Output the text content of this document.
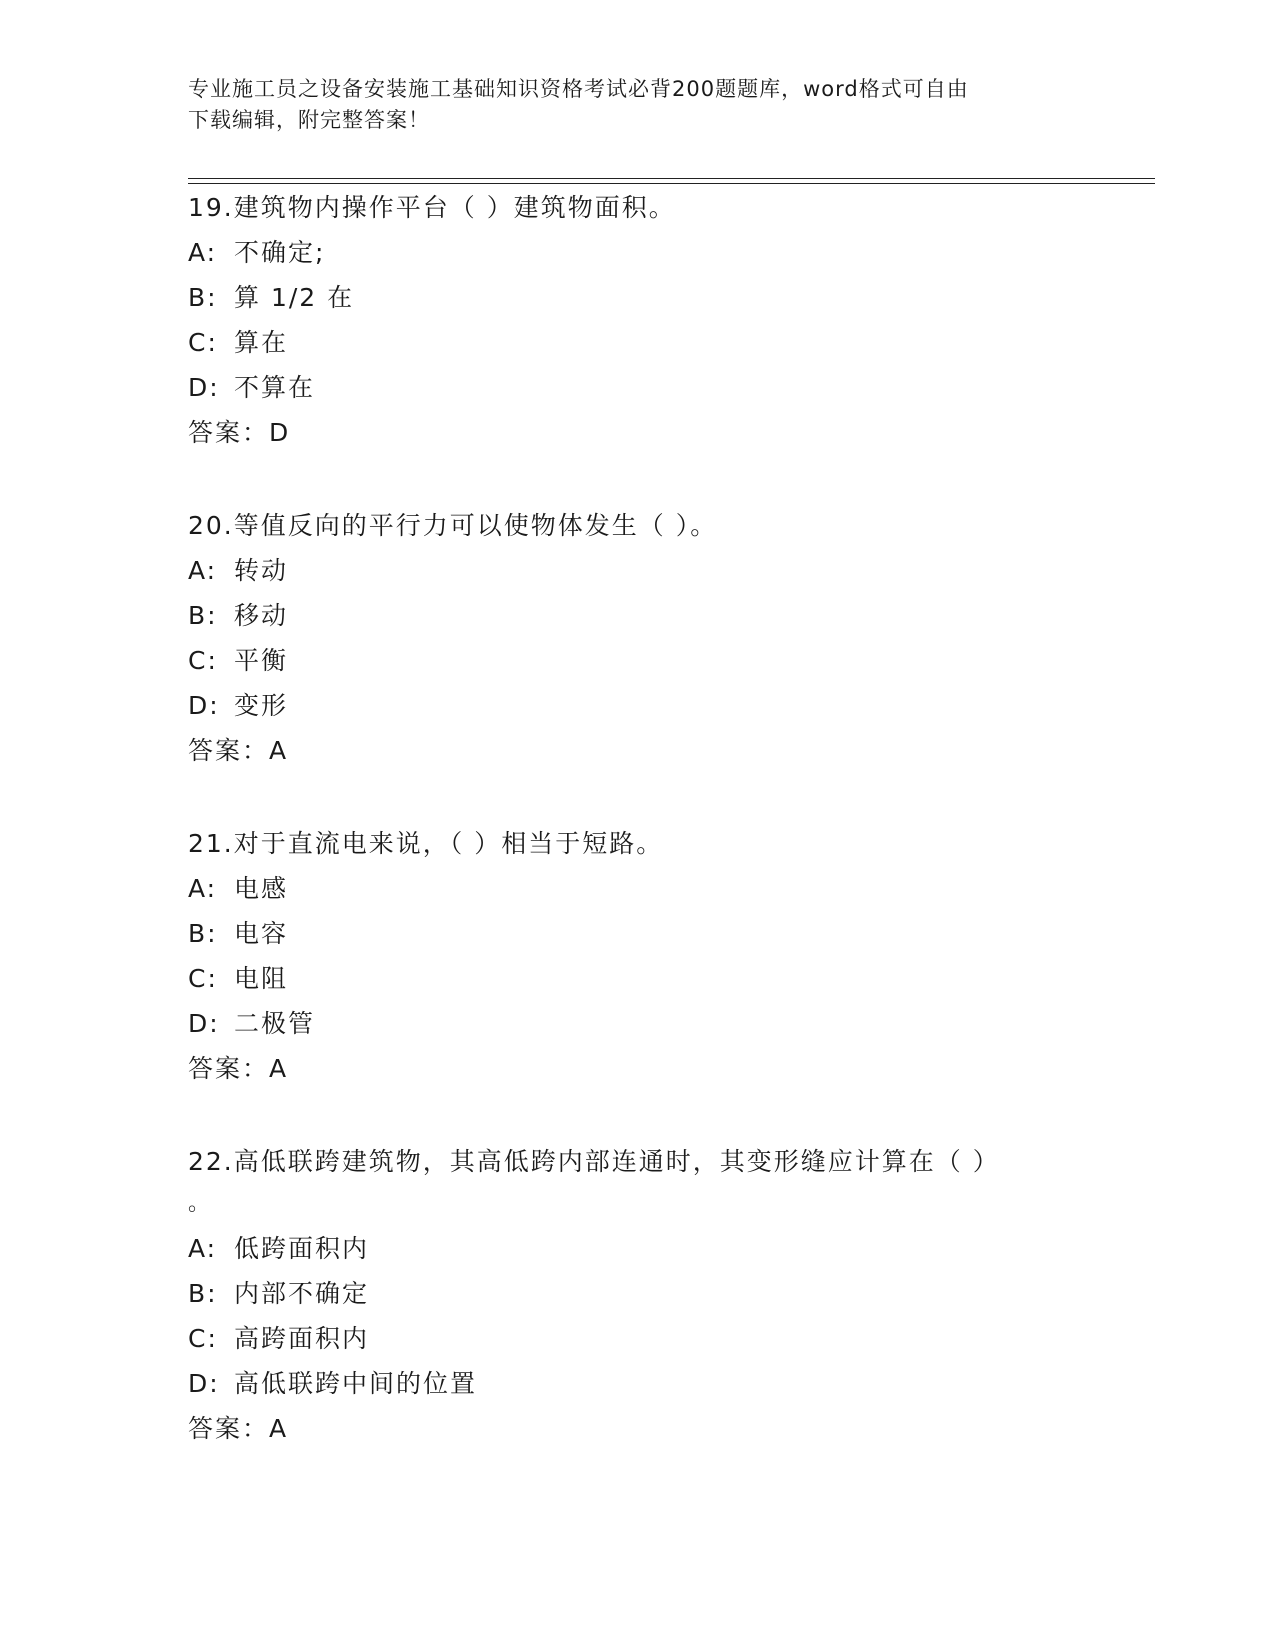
专业施工员之设备安装施工基础知识资格考试必背200题题库，word格式可自由
下载编辑，附完整答案！
19.建筑物内操作平台（ ）建筑物面积。
A: 不确定;
B: 算 1/2 在
C: 算在
D: 不算在
答案：D
20.等值反向的平行力可以使物体发生（ ）。
A: 转动
B: 移动
C: 平衡
D: 变形
答案：A
21.对于直流电来说，（ ）相当于短路。
A: 电感
B: 电容
C: 电阻
D: 二极管
答案：A
22.高低联跨建筑物，其高低跨内部连通时，其变形缝应计算在（ ）
。
A: 低跨面积内
B: 内部不确定
C: 高跨面积内
D: 高低联跨中间的位置
答案：A
